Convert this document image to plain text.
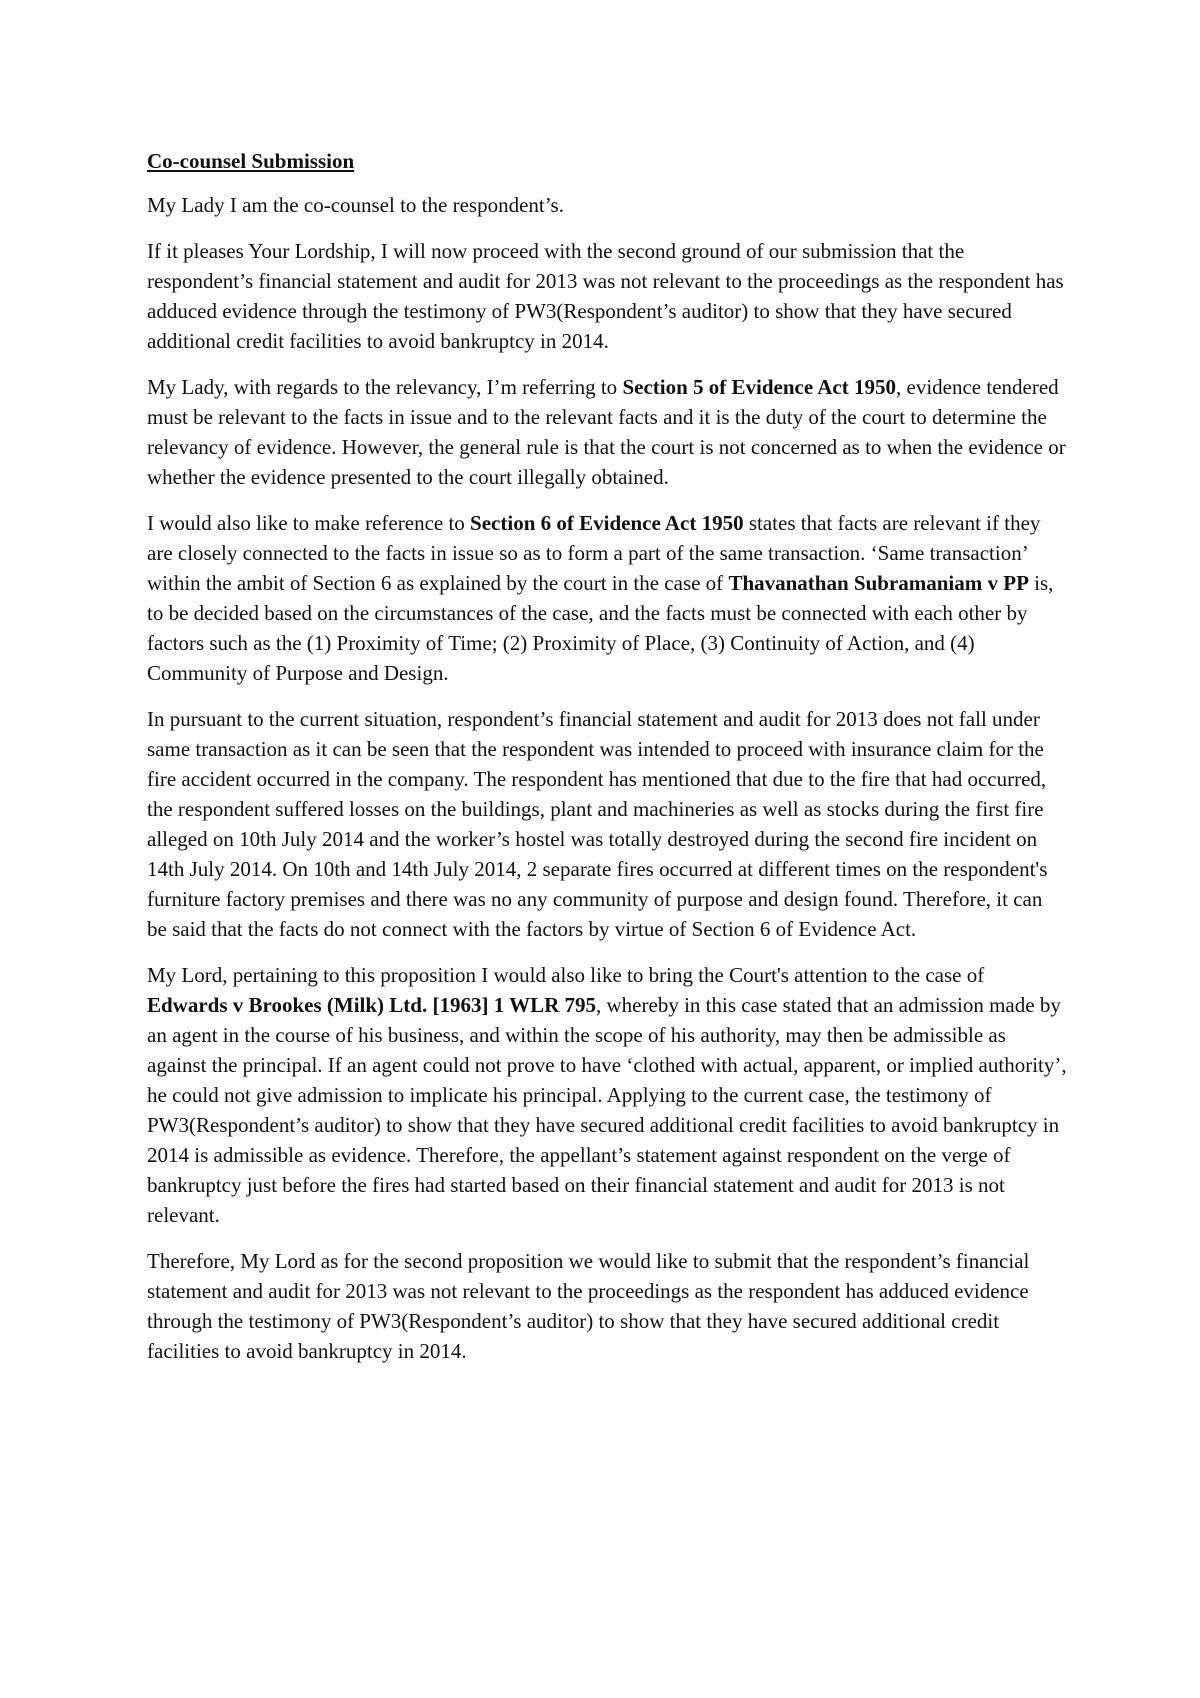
Co-counsel Submission

My Lady I am the co-counsel to the respondent’s.

If it pleases Your Lordship, I will now proceed with the second ground of our submission that the respondent’s financial statement and audit for 2013 was not relevant to the proceedings as the respondent has adduced evidence through the testimony of PW3(Respondent’s auditor) to show that they have secured additional credit facilities to avoid bankruptcy in 2014.

My Lady, with regards to the relevancy, I’m referring to Section 5 of Evidence Act 1950, evidence tendered must be relevant to the facts in issue and to the relevant facts and it is the duty of the court to determine the relevancy of evidence. However, the general rule is that the court is not concerned as to when the evidence or whether the evidence presented to the court illegally obtained.

I would also like to make reference to Section 6 of Evidence Act 1950 states that facts are relevant if they are closely connected to the facts in issue so as to form a part of the same transaction. ‘Same transaction’ within the ambit of Section 6 as explained by the court in the case of Thavanathan Subramaniam v PP is, to be decided based on the circumstances of the case, and the facts must be connected with each other by factors such as the (1) Proximity of Time; (2) Proximity of Place, (3) Continuity of Action, and (4) Community of Purpose and Design.

In pursuant to the current situation, respondent’s financial statement and audit for 2013 does not fall under same transaction as it can be seen that the respondent was intended to proceed with insurance claim for the fire accident occurred in the company. The respondent has mentioned that due to the fire that had occurred, the respondent suffered losses on the buildings, plant and machineries as well as stocks during the first fire alleged on 10th July 2014 and the worker’s hostel was totally destroyed during the second fire incident on 14th July 2014. On 10th and 14th July 2014, 2 separate fires occurred at different times on the respondent's furniture factory premises and there was no any community of purpose and design found. Therefore, it can be said that the facts do not connect with the factors by virtue of Section 6 of Evidence Act.

My Lord, pertaining to this proposition I would also like to bring the Court's attention to the case of Edwards v Brookes (Milk) Ltd. [1963] 1 WLR 795, whereby in this case stated that an admission made by an agent in the course of his business, and within the scope of his authority, may then be admissible as against the principal. If an agent could not prove to have ‘clothed with actual, apparent, or implied authority’, he could not give admission to implicate his principal. Applying to the current case, the testimony of PW3(Respondent’s auditor) to show that they have secured additional credit facilities to avoid bankruptcy in 2014 is admissible as evidence. Therefore, the appellant’s statement against respondent on the verge of bankruptcy just before the fires had started based on their financial statement and audit for 2013 is not relevant.

Therefore, My Lord as for the second proposition we would like to submit that the respondent’s financial statement and audit for 2013 was not relevant to the proceedings as the respondent has adduced evidence through the testimony of PW3(Respondent’s auditor) to show that they have secured additional credit facilities to avoid bankruptcy in 2014.
